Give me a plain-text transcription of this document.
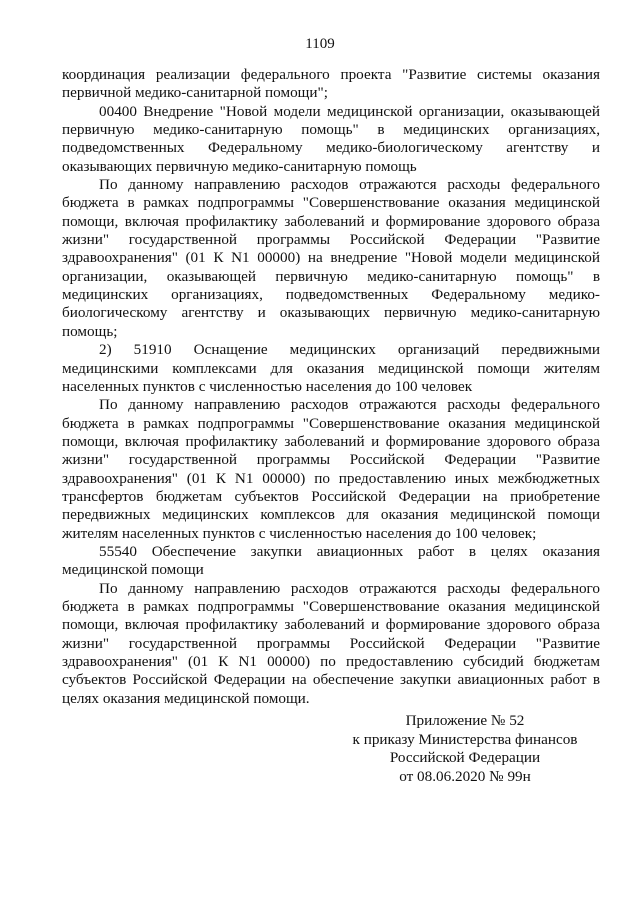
1109

координация реализации федерального проекта "Развитие системы оказания первичной медико-санитарной помощи";

00400 Внедрение "Новой модели медицинской организации, оказывающей первичную медико-санитарную помощь" в медицинских организациях, подведомственных Федеральному медико-биологическому агентству и оказывающих первичную медико-санитарную помощь

По данному направлению расходов отражаются расходы федерального бюджета в рамках подпрограммы "Совершенствование оказания медицинской помощи, включая профилактику заболеваний и формирование здорового образа жизни" государственной программы Российской Федерации "Развитие здравоохранения" (01 К N1 00000) на внедрение "Новой модели медицинской организации, оказывающей первичную медико-санитарную помощь" в медицинских организациях, подведомственных Федеральному медико-биологическому агентству и оказывающих первичную медико-санитарную помощь;

2) 51910 Оснащение медицинских организаций передвижными медицинскими комплексами для оказания медицинской помощи жителям населенных пунктов с численностью населения до 100 человек

По данному направлению расходов отражаются расходы федерального бюджета в рамках подпрограммы "Совершенствование оказания медицинской помощи, включая профилактику заболеваний и формирование здорового образа жизни" государственной программы Российской Федерации "Развитие здравоохранения" (01 К N1 00000) по предоставлению иных межбюджетных трансфертов бюджетам субъектов Российской Федерации на приобретение передвижных медицинских комплексов для оказания медицинской помощи жителям населенных пунктов с численностью населения до 100 человек;

55540 Обеспечение закупки авиационных работ в целях оказания медицинской помощи

По данному направлению расходов отражаются расходы федерального бюджета в рамках подпрограммы "Совершенствование оказания медицинской помощи, включая профилактику заболеваний и формирование здорового образа жизни" государственной программы Российской Федерации "Развитие здравоохранения" (01 К N1 00000) по предоставлению субсидий бюджетам субъектов Российской Федерации на обеспечение закупки авиационных работ в целях оказания медицинской помощи.

Приложение № 52
к приказу Министерства финансов
Российской Федерации
от 08.06.2020 № 99н
